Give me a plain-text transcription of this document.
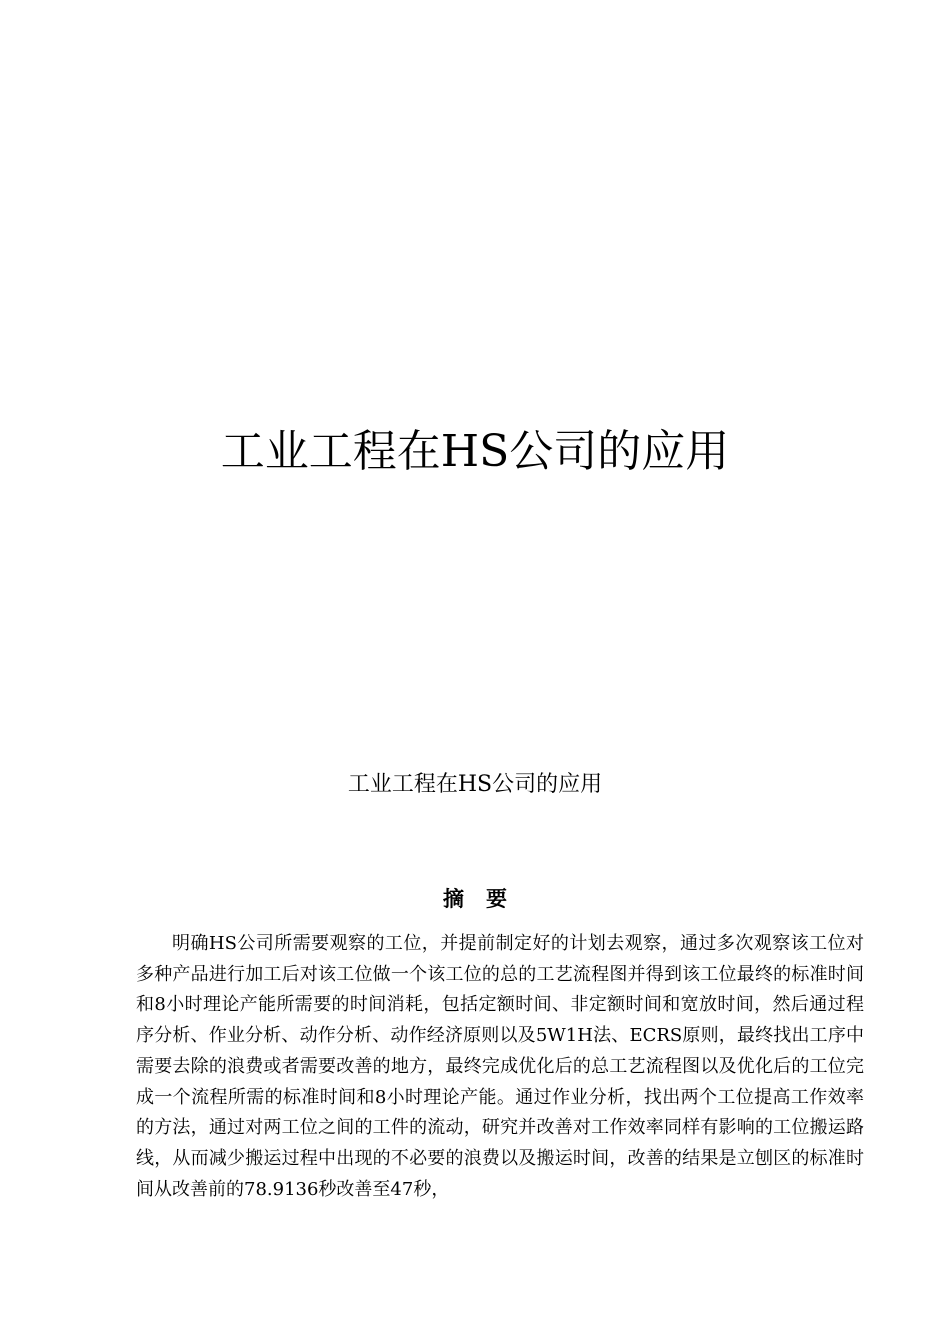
工业工程在HS公司的应用
工业工程在HS公司的应用
摘要

明确HS公司所需要观察的工位，并提前制定好的计划去观察，通过多次观察该工位对多种产品进行加工后对该工位做一个该工位的总的工艺流程图并得到该工位最终的标准时间和8小时理论产能所需要的时间消耗，包括定额时间、非定额时间和宽放时间，然后通过程序分析、作业分析、动作分析、动作经济原则以及5W1H法、ECRS原则，最终找出工序中需要去除的浪费或者需要改善的地方，最终完成优化后的总工艺流程图以及优化后的工位完成一个流程所需的标准时间和8小时理论产能。通过作业分析，找出两个工位提高工作效率的方法，通过对两工位之间的工件的流动，研究并改善对工作效率同样有影响的工位搬运路线，从而减少搬运过程中出现的不必要的浪费以及搬运时间，改善的结果是立刨区的标准时间从改善前的78.9136秒改善至47秒，
